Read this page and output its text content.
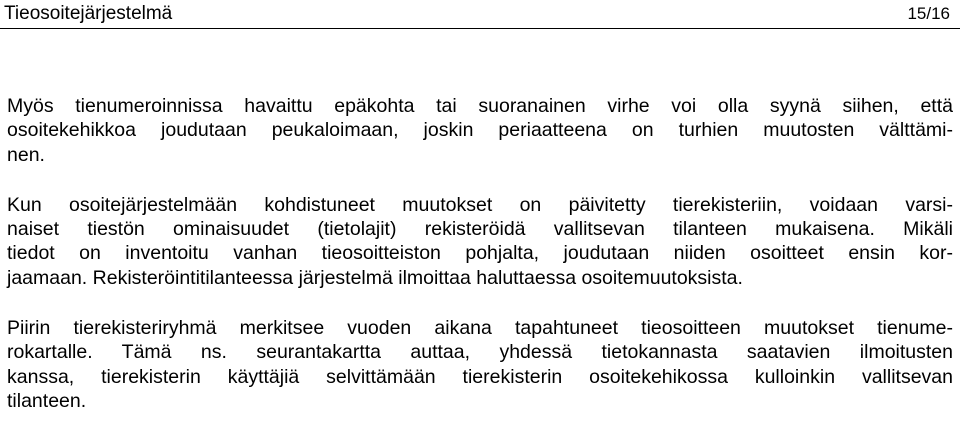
Tieosoitejärjestelmä	15/16

Myös tienumeroinnissa havaittu epäkohta tai suoranainen virhe voi olla syynä siihen, että
osoitekehikkoa joudutaan peukaloimaan, joskin periaatteena on turhien muutosten välttämi-
nen.

Kun osoitejärjestelmään kohdistuneet muutokset on päivitetty tierekisteriin, voidaan varsi-
naiset tiestön ominaisuudet (tietolajit) rekisteröidä vallitsevan tilanteen mukaisena. Mikäli
tiedot on inventoitu vanhan tieosoitteiston pohjalta, joudutaan niiden osoitteet ensin kor-
jaamaan. Rekisteröintitilanteessa järjestelmä ilmoittaa haluttaessa osoitemuutoksista.

Piirin tierekisteriryhmä merkitsee vuoden aikana tapahtuneet tieosoitteen muutokset tienume-
rokartalle. Tämä ns. seurantakartta auttaa, yhdessä tietokannasta saatavien ilmoitusten
kanssa, tierekisterin käyttäjiä selvittämään tierekisterin osoitekehikossa kulloinkin vallitsevan
tilanteen.
